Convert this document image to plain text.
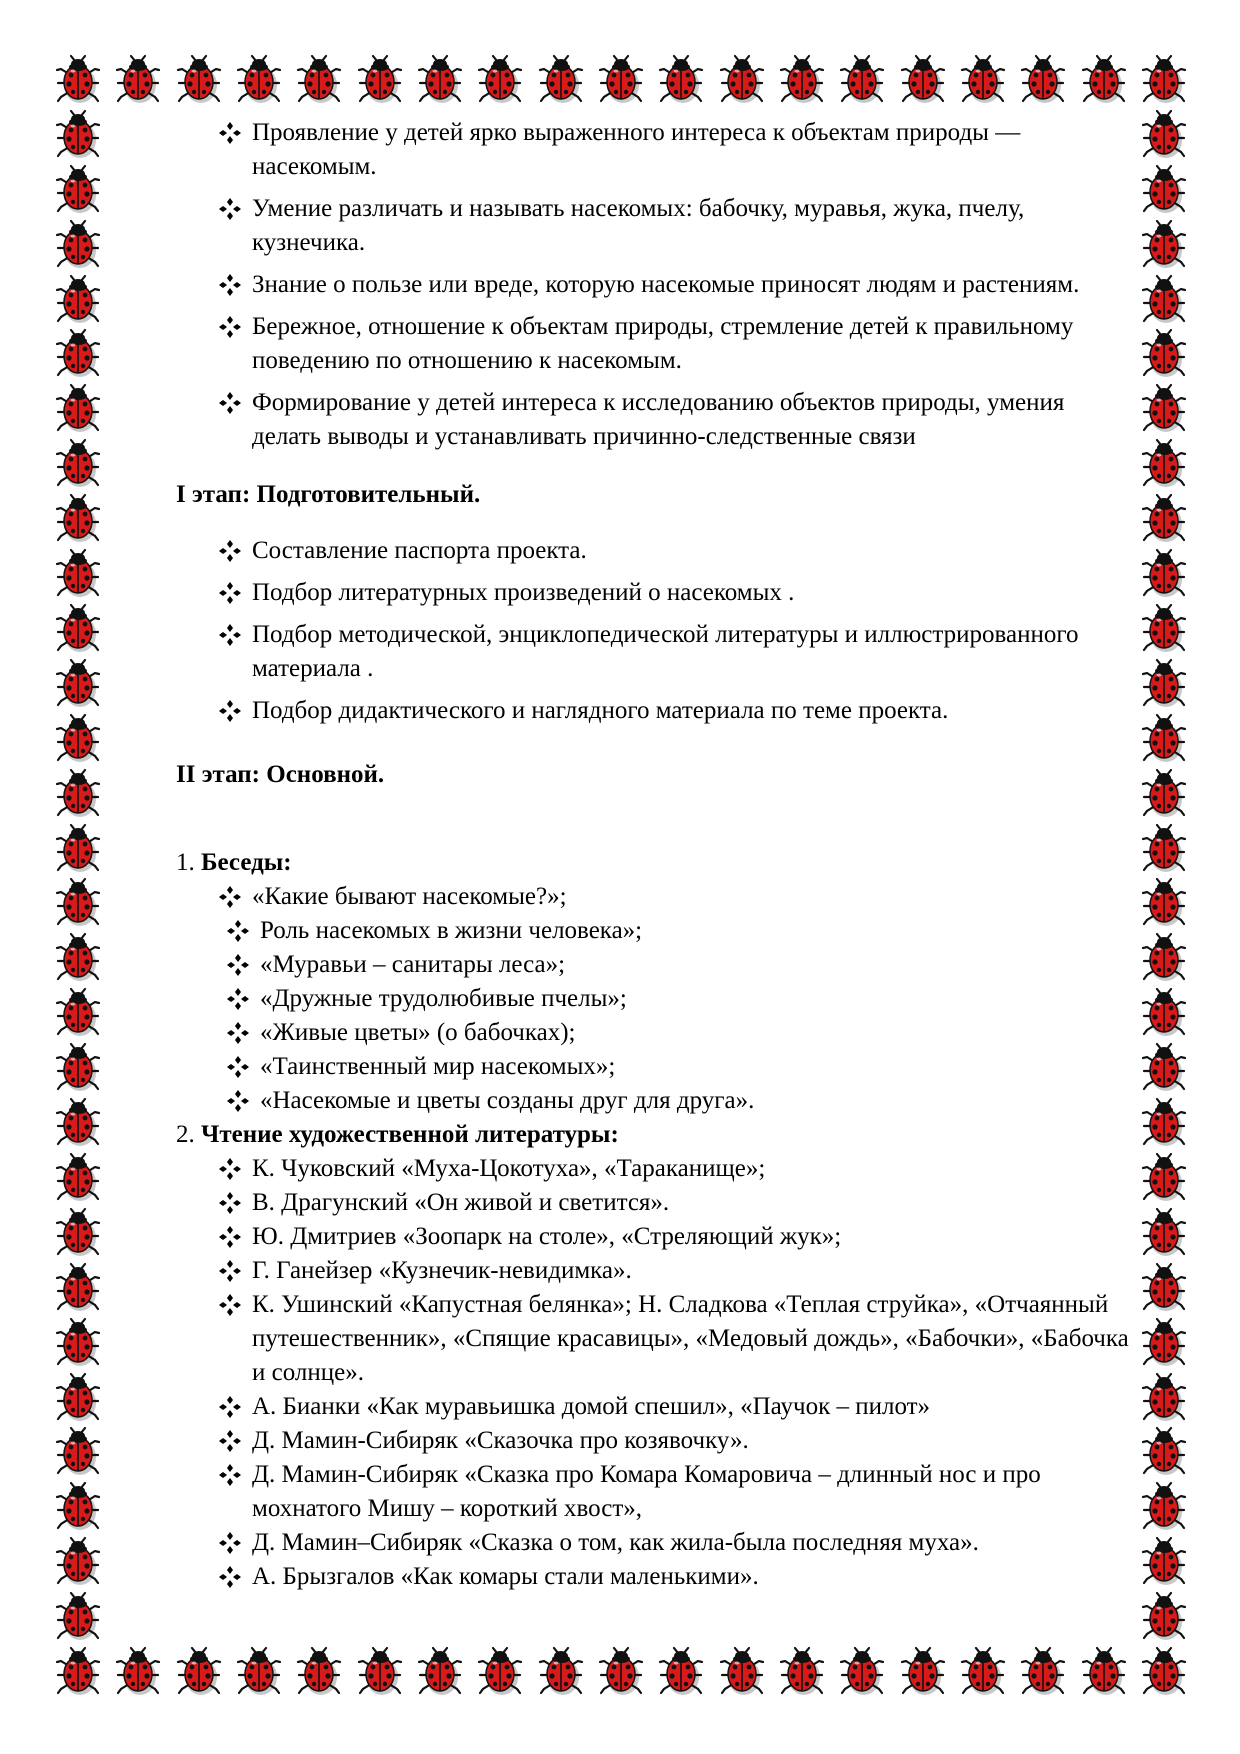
Проявление у детей ярко выраженного интереса к объектам природы — насекомым.
Умение различать и называть насекомых: бабочку, муравья, жука, пчелу, кузнечика.
Знание о пользе или вреде, которую насекомые приносят людям и растениям.
Бережное, отношение к объектам природы, стремление детей к правильному поведению по отношению к насекомым.
Формирование у детей интереса к исследованию объектов природы, умения делать выводы и устанавливать причинно-следственные связи

I этап: Подготовительный.

Составление паспорта проекта.
Подбор литературных произведений о насекомых .
Подбор методической, энциклопедической литературы и иллюстрированного материала .
Подбор дидактического и наглядного материала по теме проекта.

II этап: Основной.

1. Беседы:

«Какие бывают насекомые?»;
Роль насекомых в жизни человека»;
«Муравьи – санитары леса»;
«Дружные трудолюбивые пчелы»;
«Живые цветы» (о бабочках);
«Таинственный мир насекомых»;
«Насекомые и цветы созданы друг для друга».

2. Чтение художественной литературы:

К. Чуковский «Муха-Цокотуха», «Тараканище»;
В. Драгунский «Он живой и светится».
Ю. Дмитриев «Зоопарк на столе», «Стреляющий жук»;
Г. Ганейзер «Кузнечик-невидимка».
К. Ушинский «Капустная белянка»; Н. Сладкова «Теплая струйка», «Отчаянный путешественник», «Спящие красавицы», «Медовый дождь», «Бабочки», «Бабочка и солнце».
А. Бианки «Как муравьишка домой спешил», «Паучок – пилот»
Д. Мамин-Сибиряк «Сказочка про козявочку».
Д. Мамин-Сибиряк «Сказка про Комара Комаровича – длинный нос и про мохнатого Мишу – короткий хвост»,
Д. Мамин–Сибиряк «Сказка о том, как жила-была последняя муха».
А. Брызгалов «Как комары стали маленькими».
